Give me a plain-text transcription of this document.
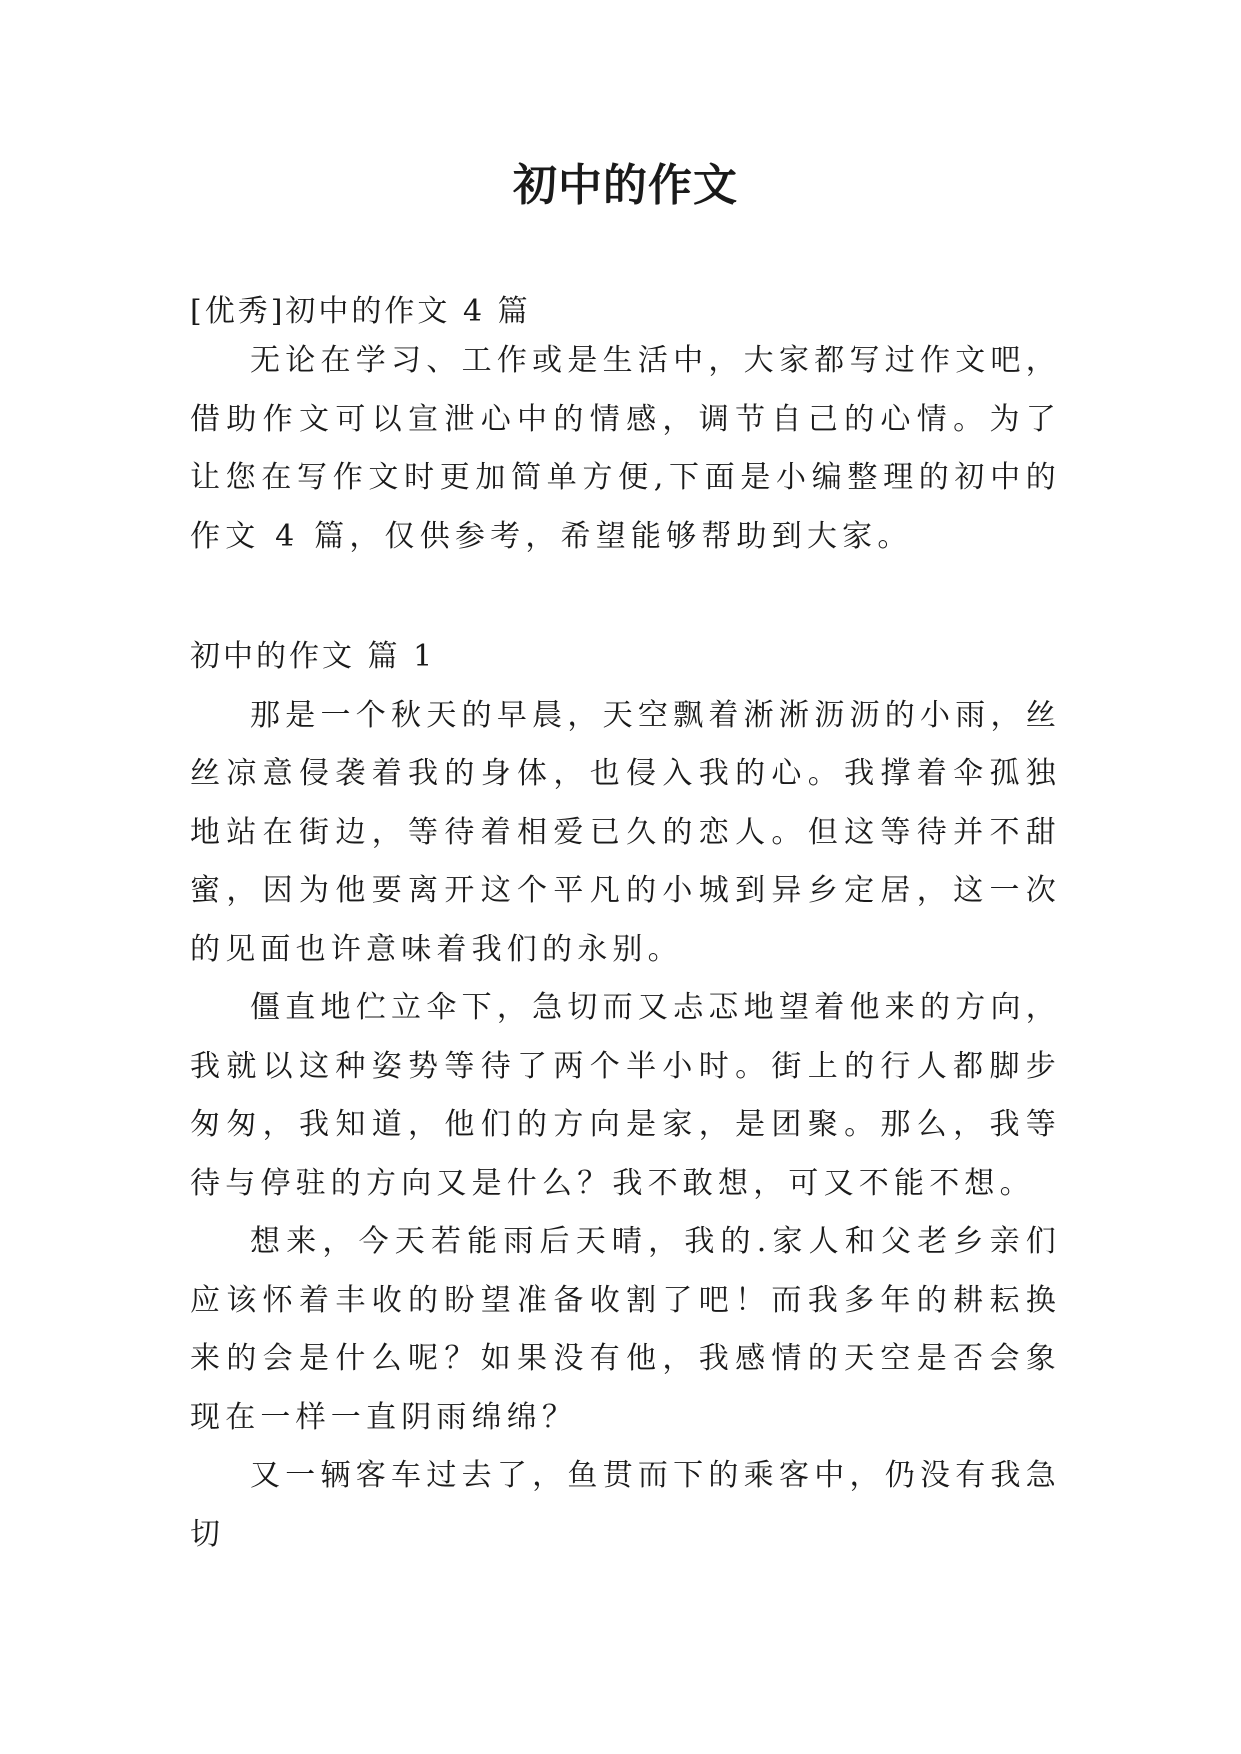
初中的作文
[优秀]初中的作文 4 篇

无论在学习、工作或是生活中，大家都写过作文吧，借助作文可以宣泄心中的情感，调节自己的心情。为了让您在写作文时更加简单方便,下面是小编整理的初中的作文 4 篇，仅供参考，希望能够帮助到大家。

初中的作文 篇 1

那是一个秋天的早晨，天空飘着淅淅沥沥的小雨，丝丝凉意侵袭着我的身体，也侵入我的心。我撑着伞孤独地站在街边，等待着相爱已久的恋人。但这等待并不甜蜜，因为他要离开这个平凡的小城到异乡定居，这一次的见面也许意味着我们的永别。

僵直地伫立伞下，急切而又忐忑地望着他来的方向，我就以这种姿势等待了两个半小时。街上的行人都脚步匆匆，我知道，他们的方向是家，是团聚。那么，我等待与停驻的方向又是什么？我不敢想，可又不能不想。

想来，今天若能雨后天晴，我的.家人和父老乡亲们应该怀着丰收的盼望准备收割了吧！而我多年的耕耘换来的会是什么呢？如果没有他，我感情的天空是否会象现在一样一直阴雨绵绵？

又一辆客车过去了，鱼贯而下的乘客中，仍没有我急切
